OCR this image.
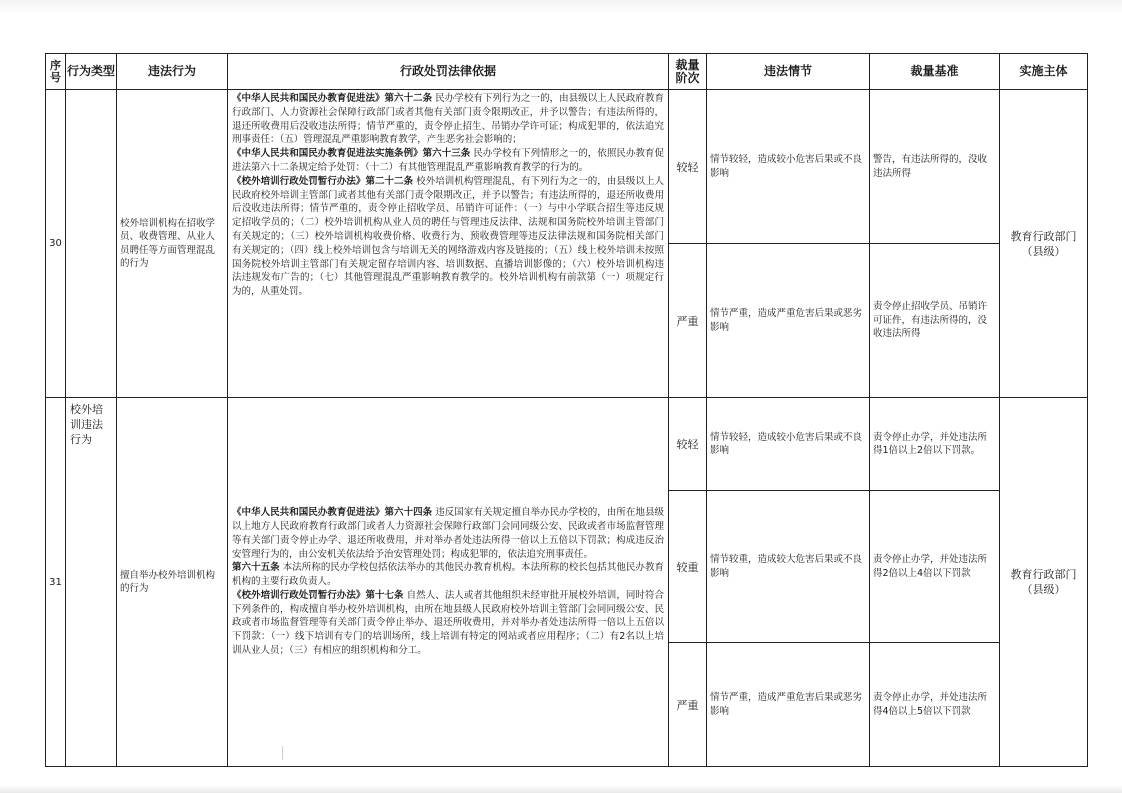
序号	行为类型	违法行为	行政处罚法律依据	裁量阶次	违法情节	裁量基准	实施主体
30		校外培训机构在招收学员、收费管理、从业人员聘任等方面管理混乱的行为	《中华人民共和国民办教育促进法》第六十二条 民办学校有下列行为之一的，由县级以上人民政府教育行政部门、人力资源社会保障行政部门或者其他有关部门责令限期改正，并予以警告；有违法所得的，退还所收费用后没收违法所得；情节严重的，责令停止招生、吊销办学许可证；构成犯罪的，依法追究刑事责任：（五）管理混乱严重影响教育教学，产生恶劣社会影响的；
《中华人民共和国民办教育促进法实施条例》第六十三条 民办学校有下列情形之一的，依照民办教育促进法第六十二条规定给予处罚：（十二）有其他管理混乱严重影响教育教学的行为的。
《校外培训行政处罚暂行办法》第二十二条 校外培训机构管理混乱，有下列行为之一的，由县级以上人民政府校外培训主管部门或者其他有关部门责令限期改正，并予以警告；有违法所得的，退还所收费用后没收违法所得；情节严重的，责令停止招收学员、吊销许可证件：（一）与中小学联合招生等违反规定招收学员的；（二）校外培训机构从业人员的聘任与管理违反法律、法规和国务院校外培训主管部门有关规定的；（三）校外培训机构收费价格、收费行为、预收费管理等违反法律法规和国务院相关部门有关规定的；（四）线上校外培训包含与培训无关的网络游戏内容及链接的；（五）线上校外培训未按照国务院校外培训主管部门有关规定留存培训内容、培训数据、直播培训影像的；（六）校外培训机构违法违规发布广告的；（七）其他管理混乱严重影响教育教学的。校外培训机构有前款第（一）项规定行为的，从重处罚。	较轻	情节较轻，造成较小危害后果或不良影响	警告，有违法所得的，没收违法所得	教育行政部门（县级）
				严重	情节严重，造成严重危害后果或恶劣影响	责令停止招收学员、吊销许可证件，有违法所得的，没收违法所得	
31	校外培训违法行为	擅自举办校外培训机构的行为	《中华人民共和国民办教育促进法》第六十四条 违反国家有关规定擅自举办民办学校的，由所在地县级以上地方人民政府教育行政部门或者人力资源社会保障行政部门会同同级公安、民政或者市场监督管理等有关部门责令停止办学、退还所收费用，并对举办者处违法所得一倍以上五倍以下罚款；构成违反治安管理行为的，由公安机关依法给予治安管理处罚；构成犯罪的，依法追究刑事责任。
第六十五条 本法所称的民办学校包括依法举办的其他民办教育机构。本法所称的校长包括其他民办教育机构的主要行政负责人。
《校外培训行政处罚暂行办法》第十七条 自然人、法人或者其他组织未经审批开展校外培训，同时符合下列条件的，构成擅自举办校外培训机构，由所在地县级人民政府校外培训主管部门会同同级公安、民政或者市场监督管理等有关部门责令停止举办、退还所收费用，并对举办者处违法所得一倍以上五倍以下罚款：（一）线下培训有专门的培训场所，线上培训有特定的网站或者应用程序；（二）有2名以上培训从业人员；（三）有相应的组织机构和分工。	较轻	情节较轻，造成较小危害后果或不良影响	责令停止办学，并处违法所得1倍以上2倍以下罚款。	教育行政部门（县级）
				较重	情节较重，造成较大危害后果或不良影响	责令停止办学，并处违法所得2倍以上4倍以下罚款	
				严重	情节严重，造成严重危害后果或恶劣影响	责令停止办学，并处违法所得4倍以上5倍以下罚款	
